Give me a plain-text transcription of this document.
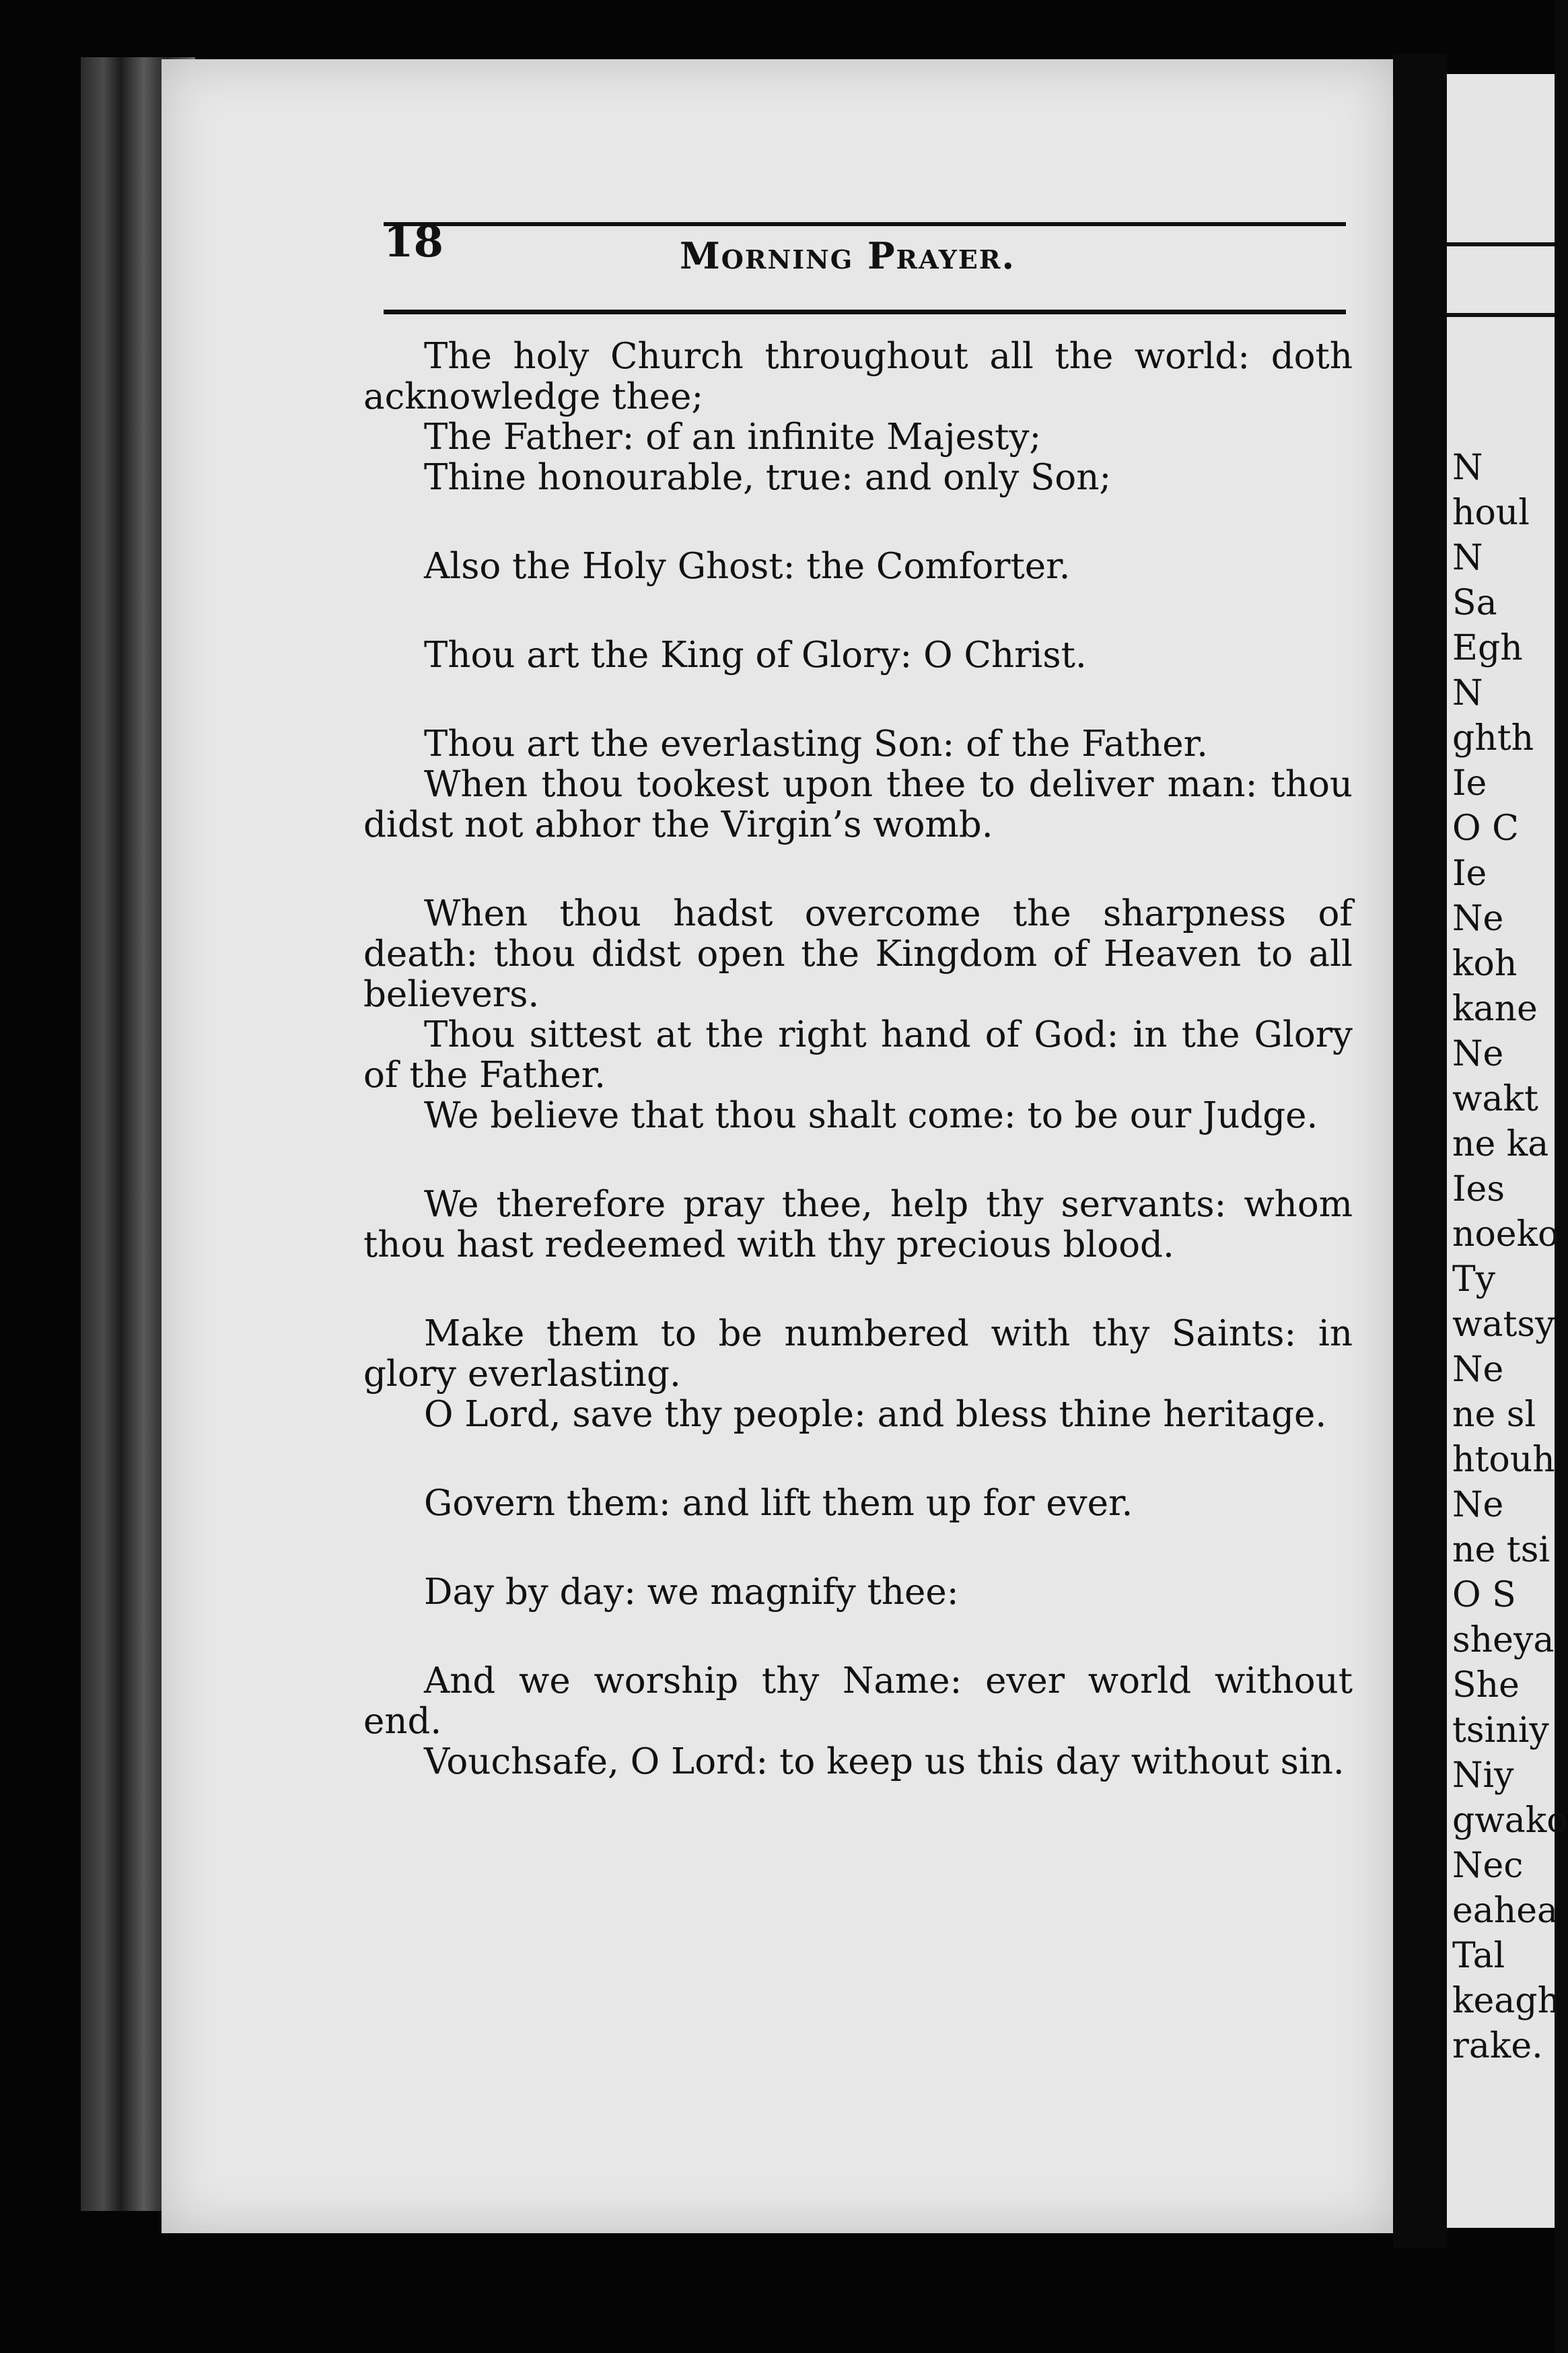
N
houl
N
Sa
Egh
N
ghth
Ie
O C
Ie
Ne
koh
kane
Ne
wakt
ne ka
Ies
noeko
Ty
watsy
Ne
ne sl
htouh
Ne
ne tsi
O S
sheya
She
tsiniy
Niy
gwako
Nec
eahea
Tal
keagh
rake.
18	Morning Prayer.

The holy Church throughout all the world: doth acknowledge thee;

The Father: of an infinite Majesty;

Thine honourable, true: and only Son;

Also the Holy Ghost: the Comforter.

Thou art the King of Glory: O Christ.

Thou art the everlasting Son: of the Father.

When thou tookest upon thee to deliver man: thou didst not abhor the Virgin’s womb.

When thou hadst overcome the sharpness of death: thou didst open the Kingdom of Heaven to all believers.

Thou sittest at the right hand of God: in the Glory of the Father.

We believe that thou shalt come: to be our Judge.

We therefore pray thee, help thy servants: whom thou hast redeemed with thy precious blood.

Make them to be numbered with thy Saints: in glory everlasting.

O Lord, save thy people: and bless thine heritage.

Govern them: and lift them up for ever.

Day by day: we magnify thee:

And we worship thy Name: ever world without end.

Vouchsafe, O Lord: to keep us this day without sin.
